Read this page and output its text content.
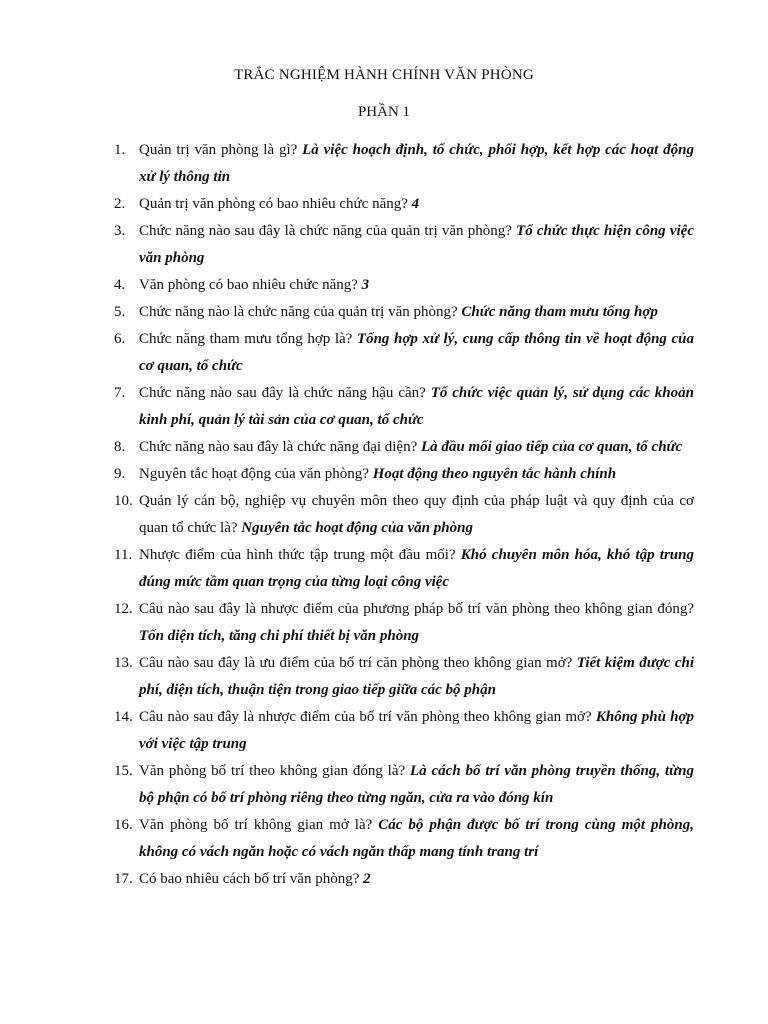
TRẮC NGHIỆM HÀNH CHÍNH VĂN PHÒNG
PHẦN 1
1. Quản trị văn phòng là gì? Là việc hoạch định, tổ chức, phối hợp, kết hợp các hoạt động xử lý thông tin
2. Quản trị văn phòng có bao nhiêu chức năng? 4
3. Chức năng nào sau đây là chức năng của quản trị văn phòng? Tổ chức thực hiện công việc văn phòng
4. Văn phòng có bao nhiêu chức năng? 3
5. Chức năng nào là chức năng của quản trị văn phòng? Chức năng tham mưu tổng hợp
6. Chức năng tham mưu tổng hợp là? Tổng hợp xử lý, cung cấp thông tin về hoạt động của cơ quan, tổ chức
7. Chức năng nào sau đây là chức năng hậu cần? Tổ chức việc quản lý, sử dụng các khoản kinh phí, quản lý tài sản của cơ quan, tổ chức
8. Chức năng nào sau đây là chức năng đại diện? Là đầu mối giao tiếp của cơ quan, tổ chức
9. Nguyên tắc hoạt động của văn phòng? Hoạt động theo nguyên tắc hành chính
10. Quản lý cán bộ, nghiệp vụ chuyên môn theo quy định của pháp luật và quy định của cơ quan tổ chức là? Nguyên tắc hoạt động của văn phòng
11. Nhược điểm của hình thức tập trung một đầu mối? Khó chuyên môn hóa, khó tập trung đúng mức tầm quan trọng của từng loại công việc
12. Câu nào sau đây là nhược điểm của phương pháp bố trí văn phòng theo không gian đóng? Tốn diện tích, tăng chi phí thiết bị văn phòng
13. Câu nào sau đây là ưu điểm của bố trí căn phòng theo không gian mở? Tiết kiệm được chi phí, diện tích, thuận tiện trong giao tiếp giữa các bộ phận
14. Câu nào sau đây là nhược điểm của bố trí văn phòng theo không gian mở? Không phù hợp với việc tập trung
15. Văn phòng bố trí theo không gian đóng là? Là cách bố trí văn phòng truyền thống, từng bộ phận có bố trí phòng riêng theo từng ngăn, cửa ra vào đóng kín
16. Văn phòng bố trí không gian mở là? Các bộ phận được bố trí trong cùng một phòng, không có vách ngăn hoặc có vách ngăn thấp mang tính trang trí
17. Có bao nhiêu cách bố trí văn phòng? 2
